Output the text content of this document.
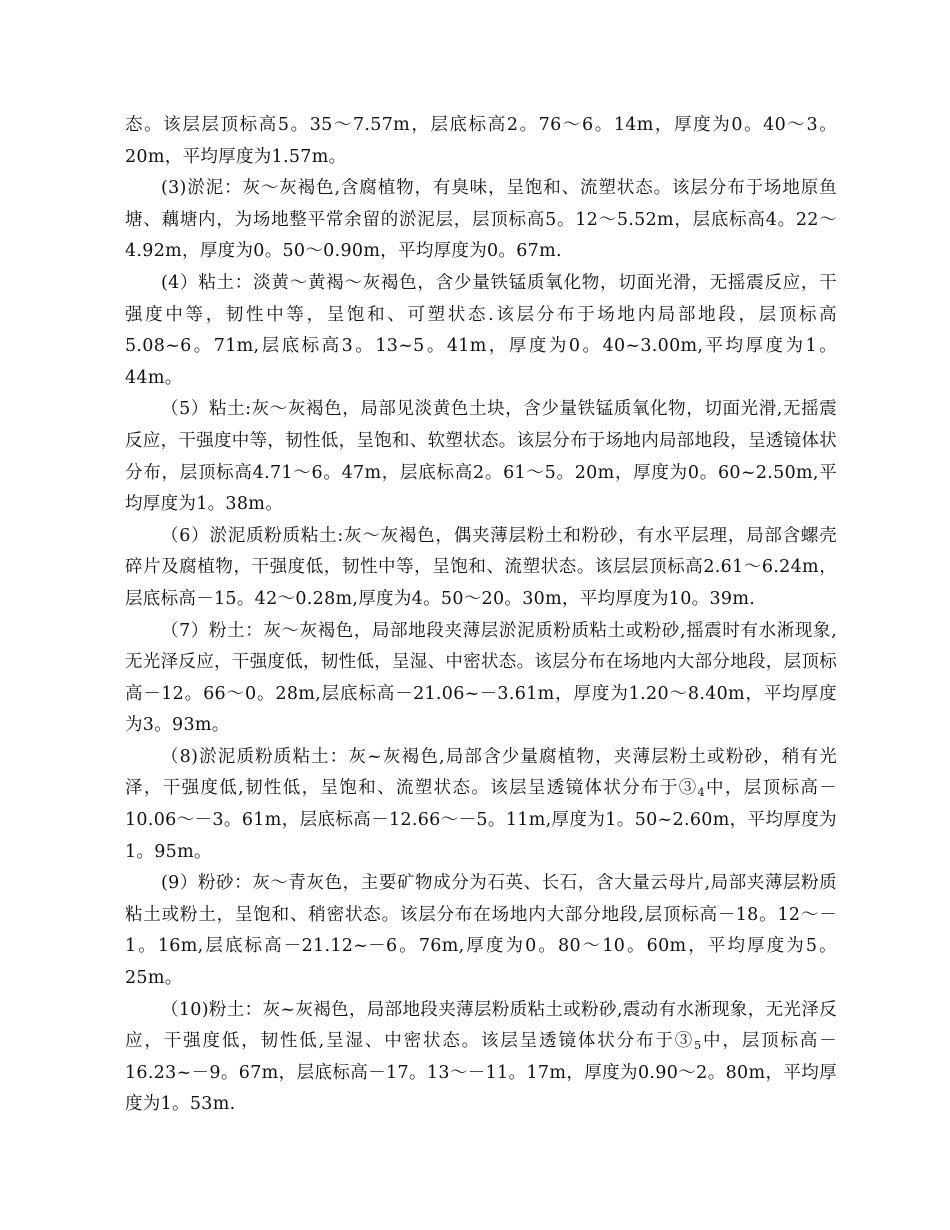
态。该层层顶标高5。35～7.57m，层底标高2。76～6。14m，厚度为0。40～3。20m，平均厚度为1.57m。

(3)淤泥：灰～灰褐色,含腐植物，有臭味，呈饱和、流塑状态。该层分布于场地原鱼塘、藕塘内，为场地整平常余留的淤泥层，层顶标高5。12～5.52m，层底标高4。22～4.92m，厚度为0。50～0.90m，平均厚度为0。67m.

(4）粘土：淡黄～黄褐～灰褐色，含少量铁锰质氧化物，切面光滑，无摇震反应，干强度中等，韧性中等，呈饱和、可塑状态.该层分布于场地内局部地段，层顶标高5.08~6。71m,层底标高3。13~5。41m，厚度为0。40~3.00m,平均厚度为1。44m。

（5）粘土:灰～灰褐色，局部见淡黄色土块，含少量铁锰质氧化物，切面光滑,无摇震反应，干强度中等，韧性低，呈饱和、软塑状态。该层分布于场地内局部地段，呈透镜体状分布，层顶标高4.71～6。47m，层底标高2。61～5。20m，厚度为0。60~2.50m,平均厚度为1。38m。

（6）淤泥质粉质粘土:灰～灰褐色，偶夹薄层粉土和粉砂，有水平层理，局部含螺壳碎片及腐植物，干强度低，韧性中等，呈饱和、流塑状态。该层层顶标高2.61～6.24m，层底标高－15。42～0.28m,厚度为4。50～20。30m，平均厚度为10。39m.

（7）粉土：灰～灰褐色，局部地段夹薄层淤泥质粉质粘土或粉砂,摇震时有水淅现象,无光泽反应，干强度低，韧性低，呈湿、中密状态。该层分布在场地内大部分地段，层顶标高－12。66～0。28m,层底标高－21.06~－3.61m，厚度为1.20～8.40m，平均厚度为3。93m。

（8)淤泥质粉质粘土：灰~灰褐色,局部含少量腐植物，夹薄层粉土或粉砂，稍有光泽，干强度低,韧性低，呈饱和、流塑状态。该层呈透镜体状分布于$③_4$中，层顶标高－10.06～－3。61m，层底标高－12.66～－5。11m,厚度为1。50~2.60m，平均厚度为1。95m。

(9）粉砂：灰～青灰色，主要矿物成分为石英、长石，含大量云母片,局部夹薄层粉质粘土或粉土，呈饱和、稍密状态。该层分布在场地内大部分地段,层顶标高－18。12～－1。16m,层底标高－21.12~－6。76m,厚度为0。80～10。60m，平均厚度为5。25m。

（10)粉土：灰~灰褐色，局部地段夹薄层粉质粘土或粉砂,震动有水淅现象，无光泽反应，干强度低，韧性低,呈湿、中密状态。该层呈透镜体状分布于$③_5$中，层顶标高－16.23~－9。67m，层底标高－17。13～－11。17m，厚度为0.90～2。80m，平均厚度为1。53m.
